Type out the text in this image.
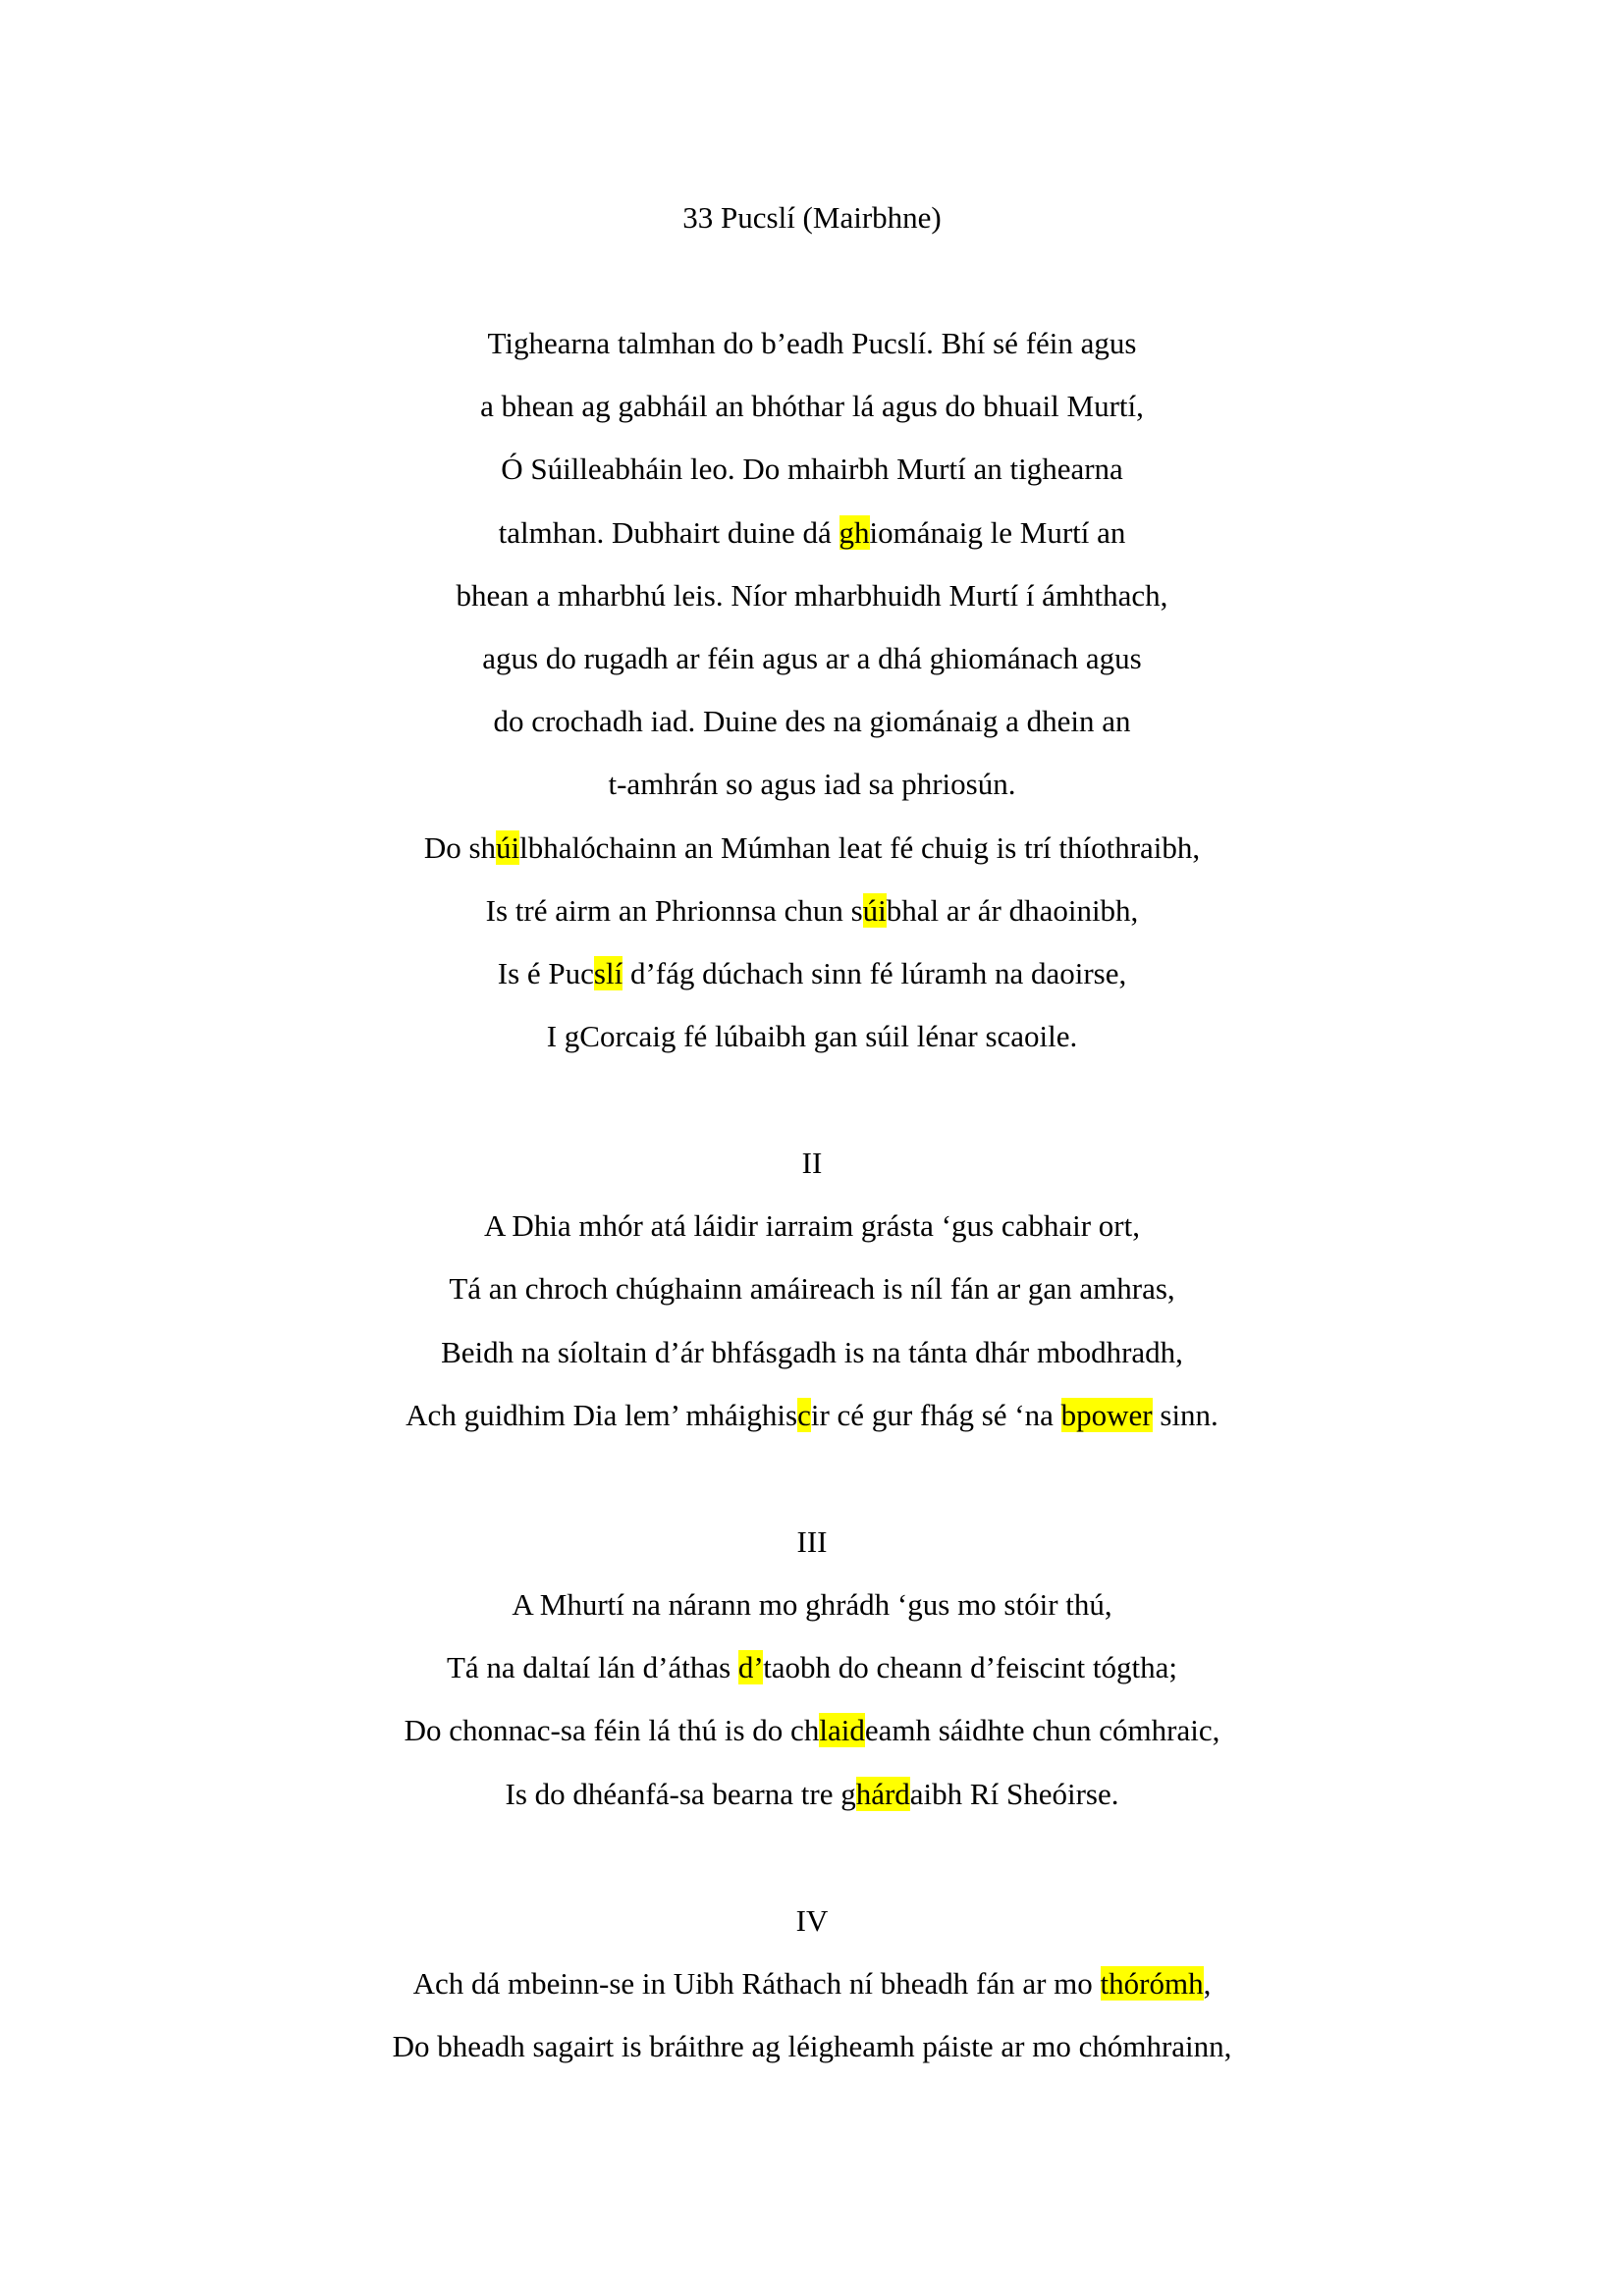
33 Pucslí (Mairbhne)
Tighearna talmhan do b’eadh Pucslí. Bhí sé féin agus
a bhean ag gabháil an bhóthar lá agus do bhuail Murtí,
Ó Súilleabháin leo. Do mhairbh Murtí an tighearna
talmhan. Dubhairt duine dá ghiománaig le Murtí an
bhean a mharbhú leis. Níor mharbhuidh Murtí í ámhthach,
agus do rugadh ar féin agus ar a dhá ghiománach agus
do crochadh iad. Duine des na giománaig a dhein an
t-amhrán so agus iad sa phriosún.
Do shúilbhalóchainn an Múmhan leat fé chuig is trí thíothraibh,
Is tré airm an Phrionnsa chun súibhal ar ár dhaoinibh,
Is é Pucslí d’fág dúchach sinn fé lúramh na daoirse,
I gCorcaig fé lúbaibh gan súil lénar scaoile.
II
A Dhia mhór atá láidir iarraim grásta ‘gus cabhair ort,
Tá an chroch chúghainn amáireach is níl fán ar gan amhras,
Beidh na síoltain d’ár bhfásgadh is na tánta dhár mbodhradh,
Ach guidhim Dia lem’ mháighiscir cé gur fhág sé ‘na bpower sinn.
III
A Mhurtí na nárann mo ghrádh ‘gus mo stóir thú,
Tá na daltaí lán d’áthas d’taobh do cheann d’feiscint tógtha;
Do chonnac-sa féin lá thú is do chlaideamh sáidhte chun cómhraic,
Is do dhéanfá-sa bearna tre ghárdaibh Rí Sheóirse.
IV
Ach dá mbeinn-se in Uibh Ráthach ní bheadh fán ar mo thórómh,
Do bheadh sagairt is bráithre ag léigheamh páiste ar mo chómhrainn,
